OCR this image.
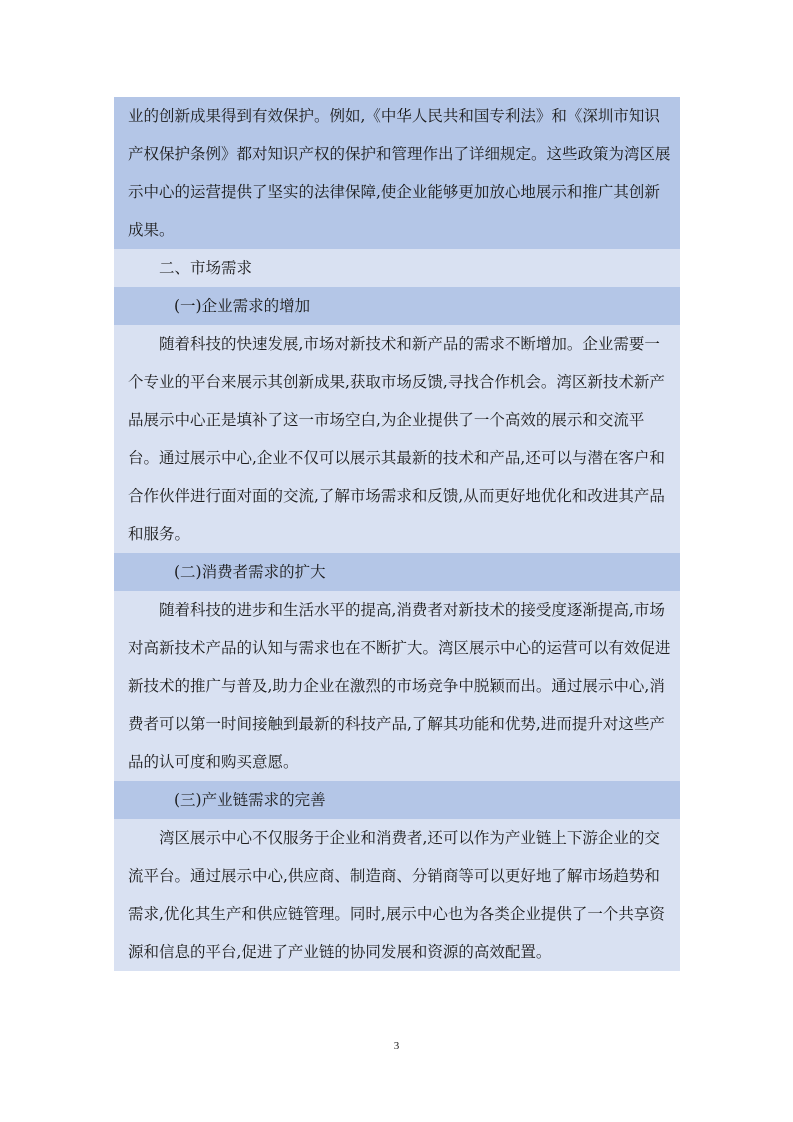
业的创新成果得到有效保护。例如,《中华人民共和国专利法》和《深圳市知识产权保护条例》都对知识产权的保护和管理作出了详细规定。这些政策为湾区展示中心的运营提供了坚实的法律保障,使企业能够更加放心地展示和推广其创新成果。

二、市场需求

(一)企业需求的增加

随着科技的快速发展,市场对新技术和新产品的需求不断增加。企业需要一个专业的平台来展示其创新成果,获取市场反馈,寻找合作机会。湾区新技术新产品展示中心正是填补了这一市场空白,为企业提供了一个高效的展示和交流平台。通过展示中心,企业不仅可以展示其最新的技术和产品,还可以与潜在客户和合作伙伴进行面对面的交流,了解市场需求和反馈,从而更好地优化和改进其产品和服务。

(二)消费者需求的扩大

随着科技的进步和生活水平的提高,消费者对新技术的接受度逐渐提高,市场对高新技术产品的认知与需求也在不断扩大。湾区展示中心的运营可以有效促进新技术的推广与普及,助力企业在激烈的市场竞争中脱颖而出。通过展示中心,消费者可以第一时间接触到最新的科技产品,了解其功能和优势,进而提升对这些产品的认可度和购买意愿。

(三)产业链需求的完善

湾区展示中心不仅服务于企业和消费者,还可以作为产业链上下游企业的交流平台。通过展示中心,供应商、制造商、分销商等可以更好地了解市场趋势和需求,优化其生产和供应链管理。同时,展示中心也为各类企业提供了一个共享资源和信息的平台,促进了产业链的协同发展和资源的高效配置。

3
